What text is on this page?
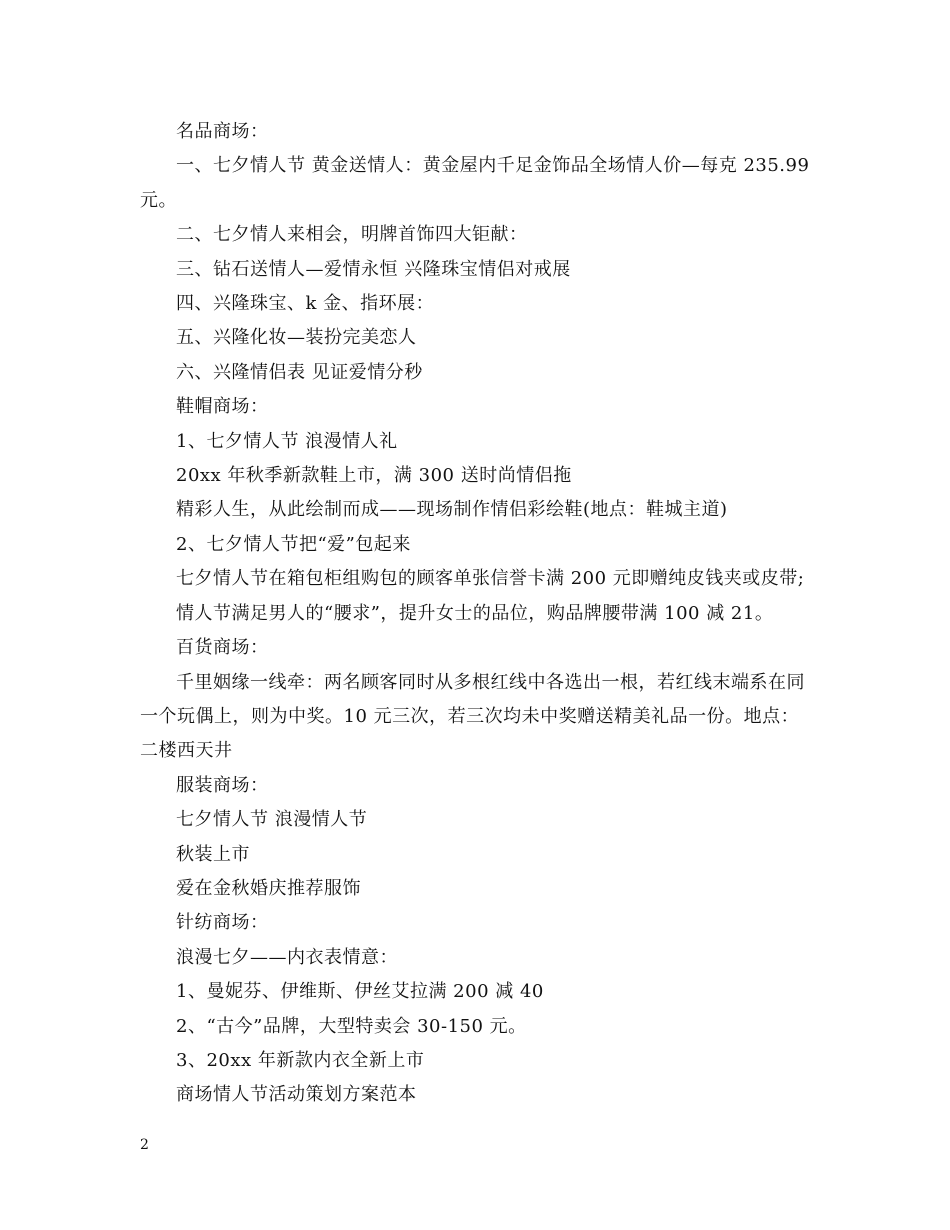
名品商场：
一、七夕情人节 黄金送情人：黄金屋内千足金饰品全场情人价—每克 235.99
元。
二、七夕情人来相会，明牌首饰四大钜献：
三、钻石送情人—爱情永恒 兴隆珠宝情侣对戒展
四、兴隆珠宝、k 金、指环展：
五、兴隆化妆—装扮完美恋人
六、兴隆情侣表 见证爱情分秒
鞋帽商场：
1、七夕情人节 浪漫情人礼
20xx 年秋季新款鞋上市，满 300 送时尚情侣拖
精彩人生，从此绘制而成——现场制作情侣彩绘鞋(地点：鞋城主道)
2、七夕情人节把“爱”包起来
七夕情人节在箱包柜组购包的顾客单张信誉卡满 200 元即赠纯皮钱夹或皮带;
情人节满足男人的“腰求”，提升女士的品位，购品牌腰带满 100 减 21。
百货商场：
千里姻缘一线牵：两名顾客同时从多根红线中各选出一根，若红线末端系在同
一个玩偶上，则为中奖。10 元三次，若三次均未中奖赠送精美礼品一份。地点：
二楼西天井
服装商场：
七夕情人节 浪漫情人节
秋装上市
爱在金秋婚庆推荐服饰
针纺商场：
浪漫七夕——内衣表情意：
1、曼妮芬、伊维斯、伊丝艾拉满 200 减 40
2、“古今”品牌，大型特卖会 30-150 元。
3、20xx 年新款内衣全新上市
商场情人节活动策划方案范本
2
